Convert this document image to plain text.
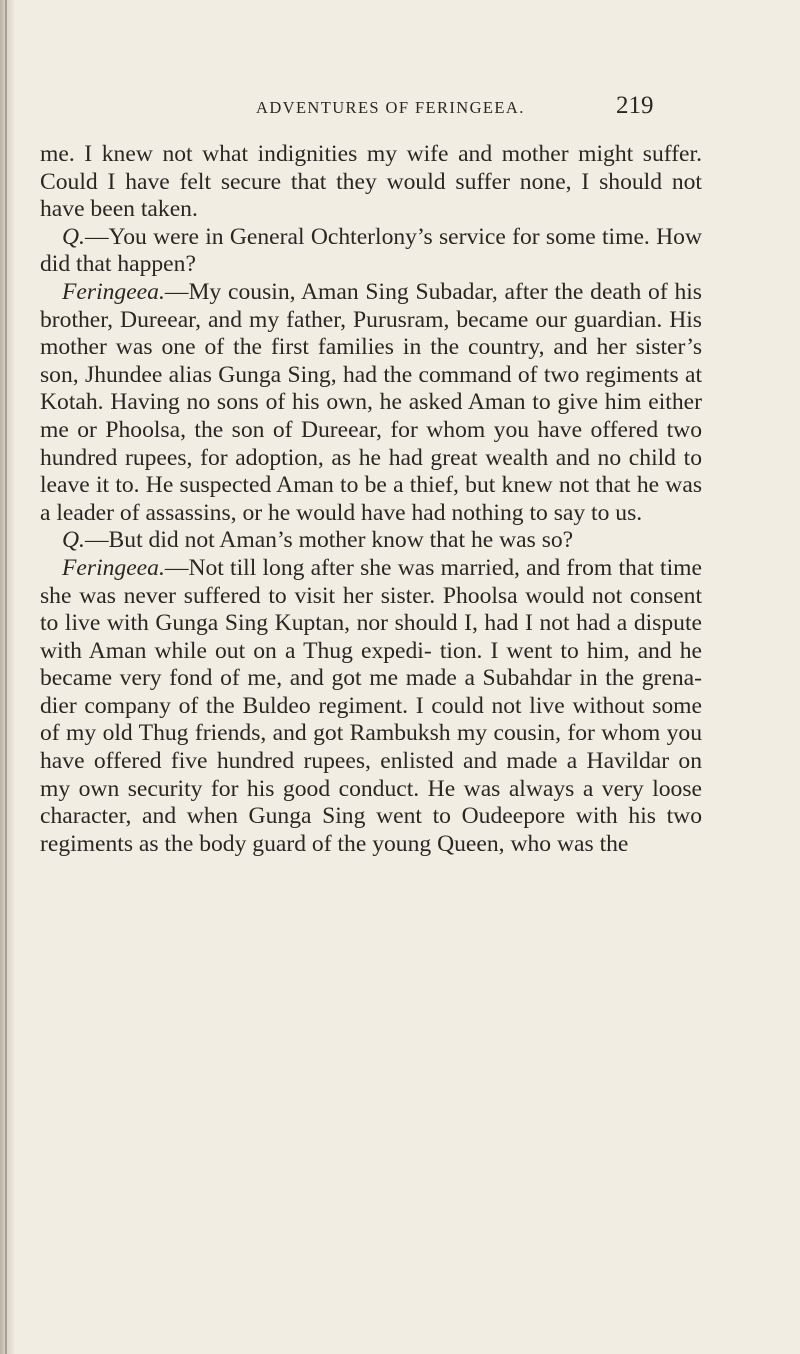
ADVENTURES OF FERINGEEA.	219

me. I knew not what indignities my wife and mother might suffer. Could I have felt secure that they would suffer none, I should not have been taken.

Q.—You were in General Ochterlony’s service for some time. How did that happen?

Feringeea.—My cousin, Aman Sing Subadar, after the death of his brother, Dureear, and my father, Purusram, became our guardian. His mother was one of the first families in the country, and her sister’s son, Jhundee alias Gunga Sing, had the command of two regiments at Kotah. Having no sons of his own, he asked Aman to give him either me or Phoolsa, the son of Dureear, for whom you have offered two hundred rupees, for adoption, as he had great wealth and no child to leave it to. He suspected Aman to be a thief, but knew not that he was a leader of assassins, or he would have had nothing to say to us.

Q.—But did not Aman’s mother know that he was so?

Feringeea.—Not till long after she was married, and from that time she was never suffered to visit her sister. Phoolsa would not consent to live with Gunga Sing Kuptan, nor should I, had I not had a dispute with Aman while out on a Thug expedi- tion. I went to him, and he became very fond of me, and got me made a Subahdar in the grena- dier company of the Buldeo regiment. I could not live without some of my old Thug friends, and got Rambuksh my cousin, for whom you have offered five hundred rupees, enlisted and made a Havildar on my own security for his good conduct. He was always a very loose character, and when Gunga Sing went to Oudeepore with his two regiments as the body guard of the young Queen, who was the
